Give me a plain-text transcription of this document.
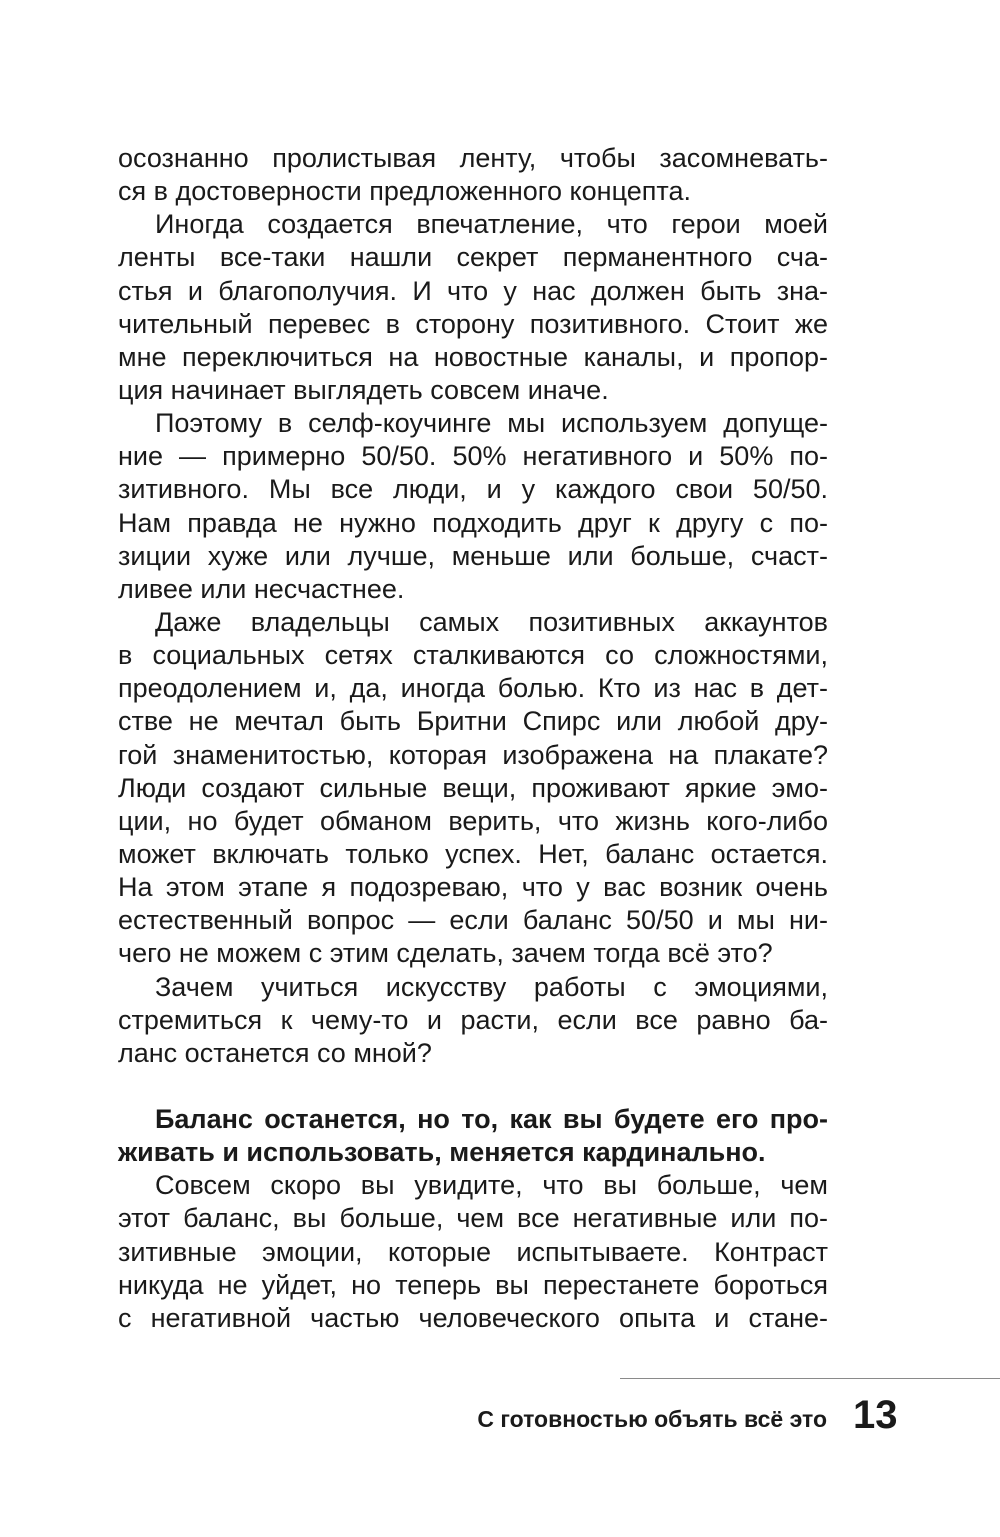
осознанно пролистывая ленту, чтобы засомневать-
ся в достоверности предложенного концепта.
Иногда создается впечатление, что герои моей
ленты все-таки нашли секрет перманентного сча-
стья и благополучия. И что у нас должен быть зна-
чительный перевес в сторону позитивного. Стоит же
мне переключиться на новостные каналы, и пропор-
ция начинает выглядеть совсем иначе.
Поэтому в селф-коучинге мы используем допуще-
ние — примерно 50/50. 50% негативного и 50% по-
зитивного. Мы все люди, и у каждого свои 50/50.
Нам правда не нужно подходить друг к другу с по-
зиции хуже или лучше, меньше или больше, счаст-
ливее или несчастнее.
Даже владельцы самых позитивных аккаунтов
в социальных сетях сталкиваются со сложностями,
преодолением и, да, иногда болью. Кто из нас в дет-
стве не мечтал быть Бритни Спирс или любой дру-
гой знаменитостью, которая изображена на плакате?
Люди создают сильные вещи, проживают яркие эмо-
ции, но будет обманом верить, что жизнь кого-либо
может включать только успех. Нет, баланс остается.
На этом этапе я подозреваю, что у вас возник очень
естественный вопрос — если баланс 50/50 и мы ни-
чего не можем с этим сделать, зачем тогда всё это?
Зачем учиться искусству работы с эмоциями,
стремиться к чему-то и расти, если все равно ба-
ланс останется со мной?
Баланс останется, но то, как вы будете его про-
живать и использовать, меняется кардинально.
Совсем скоро вы увидите, что вы больше, чем
этот баланс, вы больше, чем все негативные или по-
зитивные эмоции, которые испытываете. Контраст
никуда не уйдет, но теперь вы перестанете бороться
с негативной частью человеческого опыта и стане-
С готовностью объять всё это 13
